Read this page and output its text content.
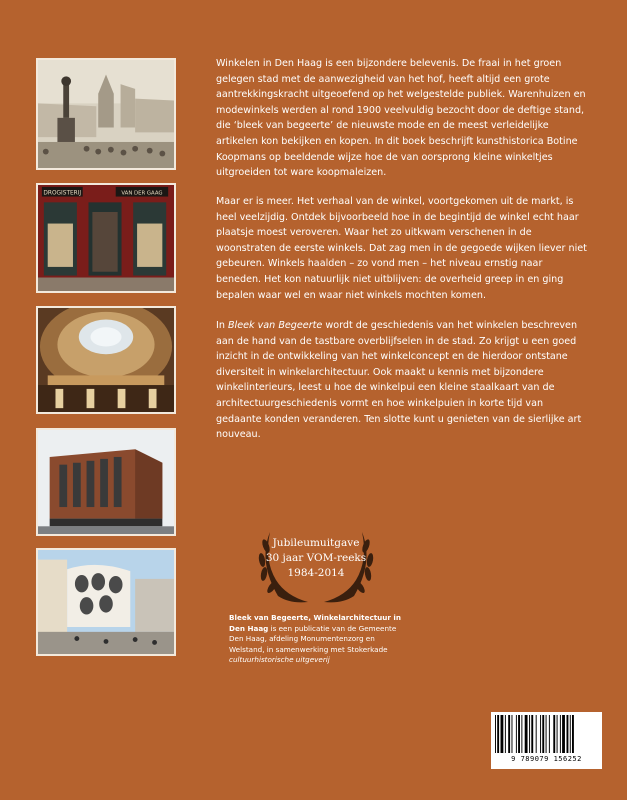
DROGISTERIJ	VAN DER GAAG

Winkelen in Den Haag is een bijzondere belevenis. De fraai in het groen gelegen stad met de aanwezigheid van het hof, heeft altijd een grote aantrekkingskracht uitgeoefend op het welgestelde publiek. Warenhuizen en modewinkels werden al rond 1900 veelvuldig bezocht door de deftige stand, die ‘bleek van begeerte’ de nieuwste mode en de meest verleidelijke artikelen kon bekijken en kopen. In dit boek beschrijft kunsthistorica Botine Koopmans op beeldende wijze hoe de van oorsprong kleine winkeltjes uitgroeiden tot ware koopmaleizen.

Maar er is meer. Het verhaal van de winkel, voortgekomen uit de markt, is heel veelzijdig. Ontdek bijvoorbeeld hoe in de begintijd de winkel echt haar plaatsje moest veroveren. Waar het zo uitkwam verschenen in de woonstraten de eerste winkels. Dat zag men in de gegoede wijken liever niet gebeuren. Winkels haalden – zo vond men – het niveau ernstig naar beneden. Het kon natuurlijk niet uitblijven: de overheid greep in en ging bepalen waar wel en waar niet winkels mochten komen.

In Bleek van Begeerte wordt de geschiedenis van het winkelen beschreven aan de hand van de tastbare overblijfselen in de stad. Zo krijgt u een goed inzicht in de ontwikkeling van het winkelconcept en de hierdoor ontstane diversiteit in winkelarchitectuur. Ook maakt u kennis met bijzondere winkelinterieurs, leest u hoe de winkelpui een kleine staalkaart van de architectuurgeschiedenis vormt en hoe winkelpuien in korte tijd van gedaante konden veranderen. Ten slotte kunt u genieten van de sierlijke art nouveau.

Jubileumuitgave
30 jaar VOM-reeks
1984-2014
Bleek van Begeerte, Winkelarchitectuur in Den Haag is een publicatie van de Gemeente Den Haag, afdeling Monumentenzorg en Welstand, in samenwerking met Stokerkade cultuurhistorische uitgeverij
9 789079 156252
